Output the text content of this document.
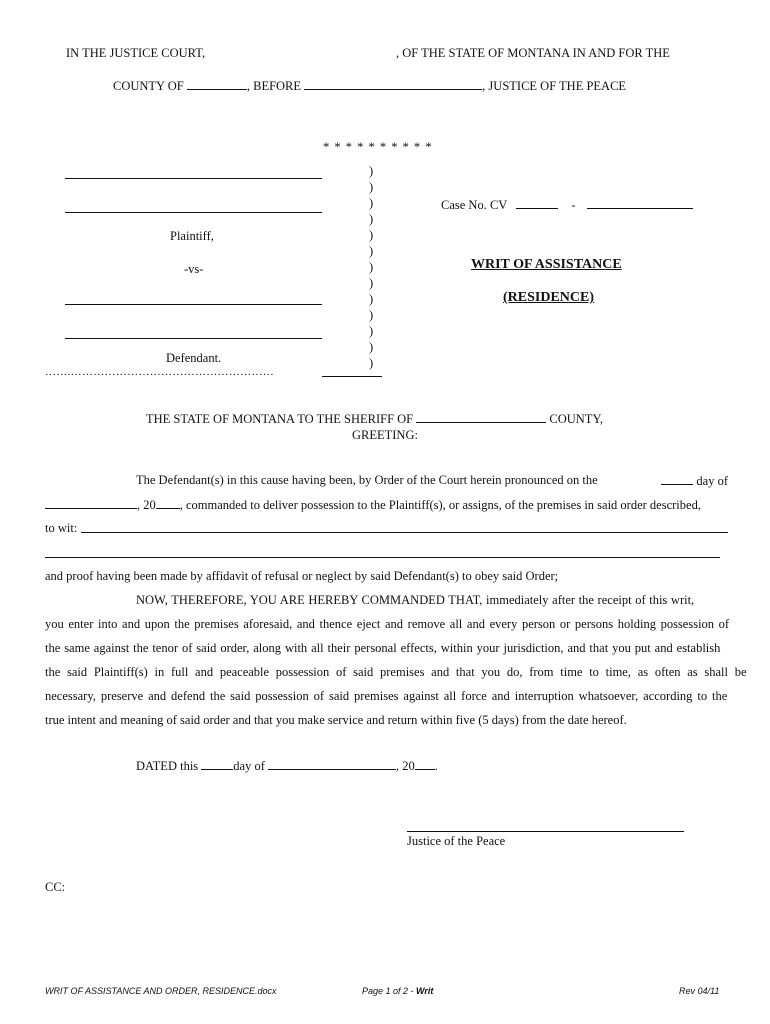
IN THE JUSTICE COURT,	, OF THE STATE OF MONTANA IN AND FOR THE
COUNTY OF	, BEFORE	, JUSTICE OF THE PEACE
* * * * * * * * * *
Plaintiff,
-vs-
Defendant.
…….………………………………………………
)
)
)
)
)
)
)
)
)
)
)
)
)
Case No. CV	-
WRIT OF ASSISTANCE
(RESIDENCE)
THE STATE OF MONTANA TO THE SHERIFF OF	COUNTY,
GREETING:
The Defendant(s) in this cause having been, by Order of the Court herein pronounced on the	day of
, 20 , commanded to deliver possession to the Plaintiff(s), or assigns, of the premises in said order described,
to wit:
and proof having been made by affidavit of refusal or neglect by said Defendant(s) to obey said Order;
NOW, THEREFORE, YOU ARE HEREBY COMMANDED THAT, immediately after the receipt of this writ,
you enter into and upon the premises aforesaid, and thence eject and remove all and every person or persons holding possession of
the same against the tenor of said order, along with all their personal effects, within your jurisdiction, and that you put and establish
the said Plaintiff(s) in full and peaceable possession of said premises and that you do, from time to time, as often as shall be
necessary, preserve and defend the said possession of said premises against all force and interruption whatsoever, according to the
true intent and meaning of said order and that you make service and return within five (5 days) from the date hereof.
DATED this	day of	, 20 .
Justice of the Peace
CC:
WRIT OF ASSISTANCE AND ORDER, RESIDENCE.docx	Page 1 of 2 - Writ	Rev 04/11
